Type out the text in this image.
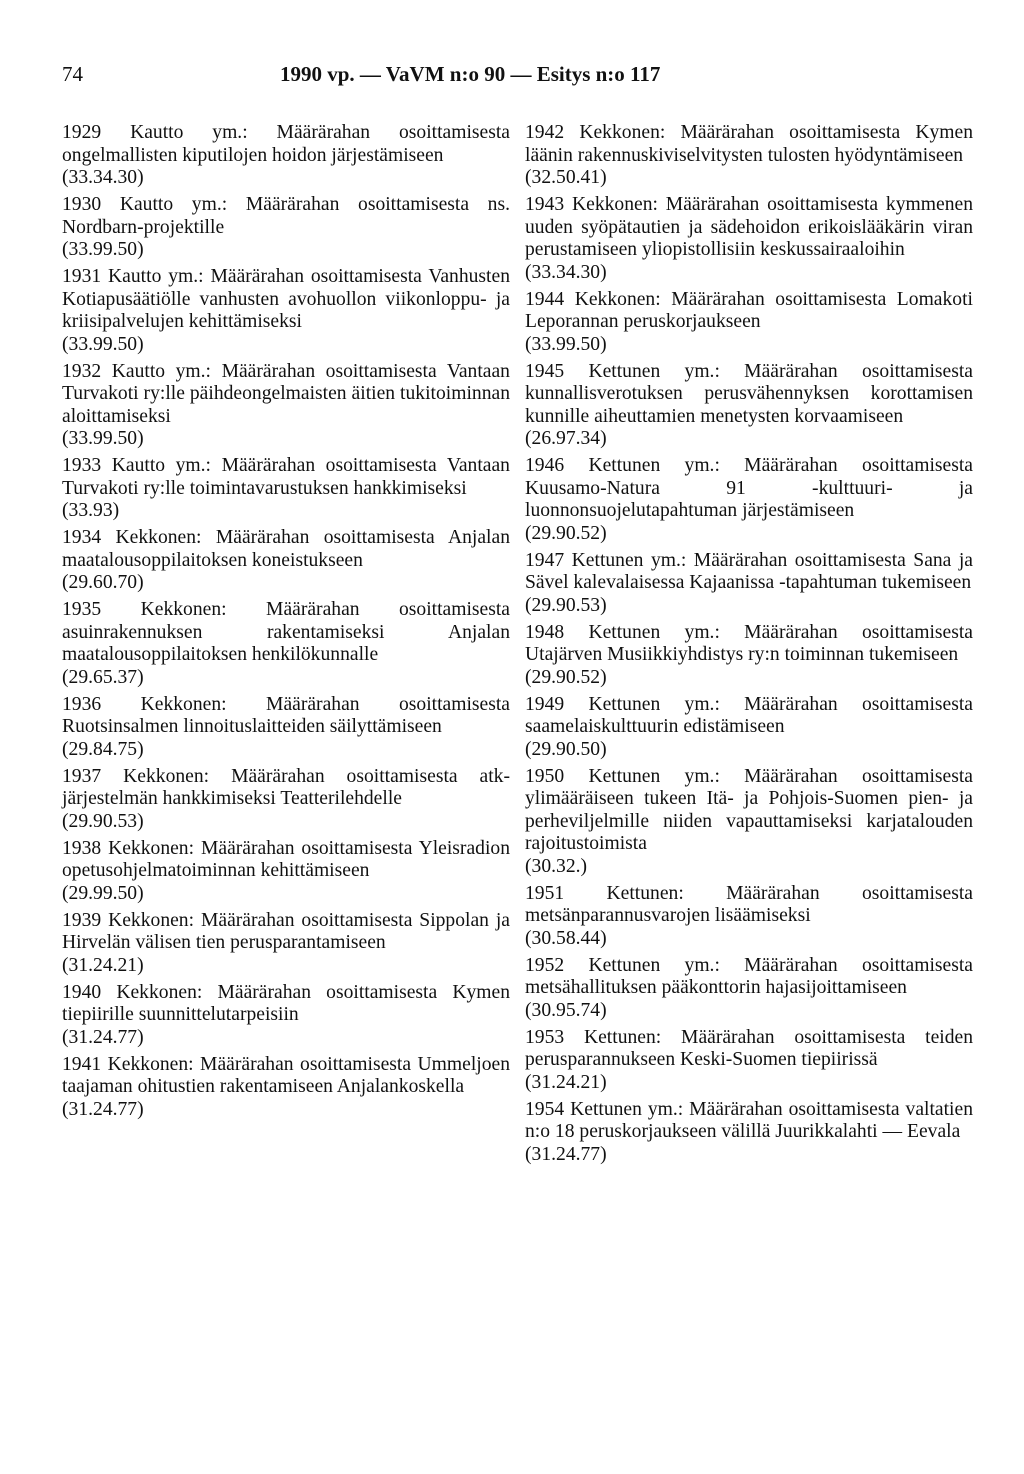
74	1990 vp. — VaVM n:o 90 — Esitys n:o 117
1929 Kautto ym.: Määrärahan osoittamisesta ongelmallisten kiputilojen hoidon järjestämiseen
(33.34.30)
1930 Kautto ym.: Määrärahan osoittamisesta ns. Nordbarn-projektille
(33.99.50)
1931 Kautto ym.: Määrärahan osoittamisesta Vanhusten Kotiapusäätiölle vanhusten avohuollon viikonloppu- ja kriisipalvelujen kehittämiseksi
(33.99.50)
1932 Kautto ym.: Määrärahan osoittamisesta Vantaan Turvakoti ry:lle päihdeongelmaisten äitien tukitoiminnan aloittamiseksi
(33.99.50)
1933 Kautto ym.: Määrärahan osoittamisesta Vantaan Turvakoti ry:lle toimintavarustuksen hankkimiseksi
(33.93)
1934 Kekkonen: Määrärahan osoittamisesta Anjalan maatalousoppilaitoksen koneistukseen
(29.60.70)
1935 Kekkonen: Määrärahan osoittamisesta asuinrakennuksen rakentamiseksi Anjalan maatalousoppilaitoksen henkilökunnalle
(29.65.37)
1936 Kekkonen: Määrärahan osoittamisesta Ruotsinsalmen linnoituslaitteiden säilyttämiseen
(29.84.75)
1937 Kekkonen: Määrärahan osoittamisesta atk-järjestelmän hankkimiseksi Teatterilehdelle
(29.90.53)
1938 Kekkonen: Määrärahan osoittamisesta Yleisradion opetusohjelmatoiminnan kehittämiseen
(29.99.50)
1939 Kekkonen: Määrärahan osoittamisesta Sippolan ja Hirvelän välisen tien perusparantamiseen
(31.24.21)
1940 Kekkonen: Määrärahan osoittamisesta Kymen tiepiirille suunnittelutarpeisiin
(31.24.77)
1941 Kekkonen: Määrärahan osoittamisesta Ummeljoen taajaman ohitustien rakentamiseen Anjalankoskella
(31.24.77)
1942 Kekkonen: Määrärahan osoittamisesta Kymen läänin rakennuskiviselvitysten tulosten hyödyntämiseen
(32.50.41)
1943 Kekkonen: Määrärahan osoittamisesta kymmenen uuden syöpätautien ja sädehoidon erikoislääkärin viran perustamiseen yliopistollisiin keskussairaaloihin
(33.34.30)
1944 Kekkonen: Määrärahan osoittamisesta Lomakoti Leporannan peruskorjaukseen
(33.99.50)
1945 Kettunen ym.: Määrärahan osoittamisesta kunnallisverotuksen perusvähennyksen korottamisen kunnille aiheuttamien menetysten korvaamiseen
(26.97.34)
1946 Kettunen ym.: Määrärahan osoittamisesta Kuusamo-Natura 91 -kulttuuri- ja luonnonsuojelutapahtuman järjestämiseen
(29.90.52)
1947 Kettunen ym.: Määrärahan osoittamisesta Sana ja Sävel kalevalaisessa Kajaanissa -tapahtuman tukemiseen
(29.90.53)
1948 Kettunen ym.: Määrärahan osoittamisesta Utajärven Musiikkiyhdistys ry:n toiminnan tukemiseen
(29.90.52)
1949 Kettunen ym.: Määrärahan osoittamisesta saamelaiskulttuurin edistämiseen
(29.90.50)
1950 Kettunen ym.: Määrärahan osoittamisesta ylimääräiseen tukeen Itä- ja Pohjois-Suomen pien- ja perheviljelmille niiden vapauttamiseksi karjatalouden rajoitustoimista
(30.32.)
1951 Kettunen: Määrärahan osoittamisesta metsänparannusvarojen lisäämiseksi
(30.58.44)
1952 Kettunen ym.: Määrärahan osoittamisesta metsähallituksen pääkonttorin hajasijoittamiseen
(30.95.74)
1953 Kettunen: Määrärahan osoittamisesta teiden perusparannukseen Keski-Suomen tiepiirissä
(31.24.21)
1954 Kettunen ym.: Määrärahan osoittamisesta valtatien n:o 18 peruskorjaukseen välillä Juurikkalahti — Eevala
(31.24.77)
